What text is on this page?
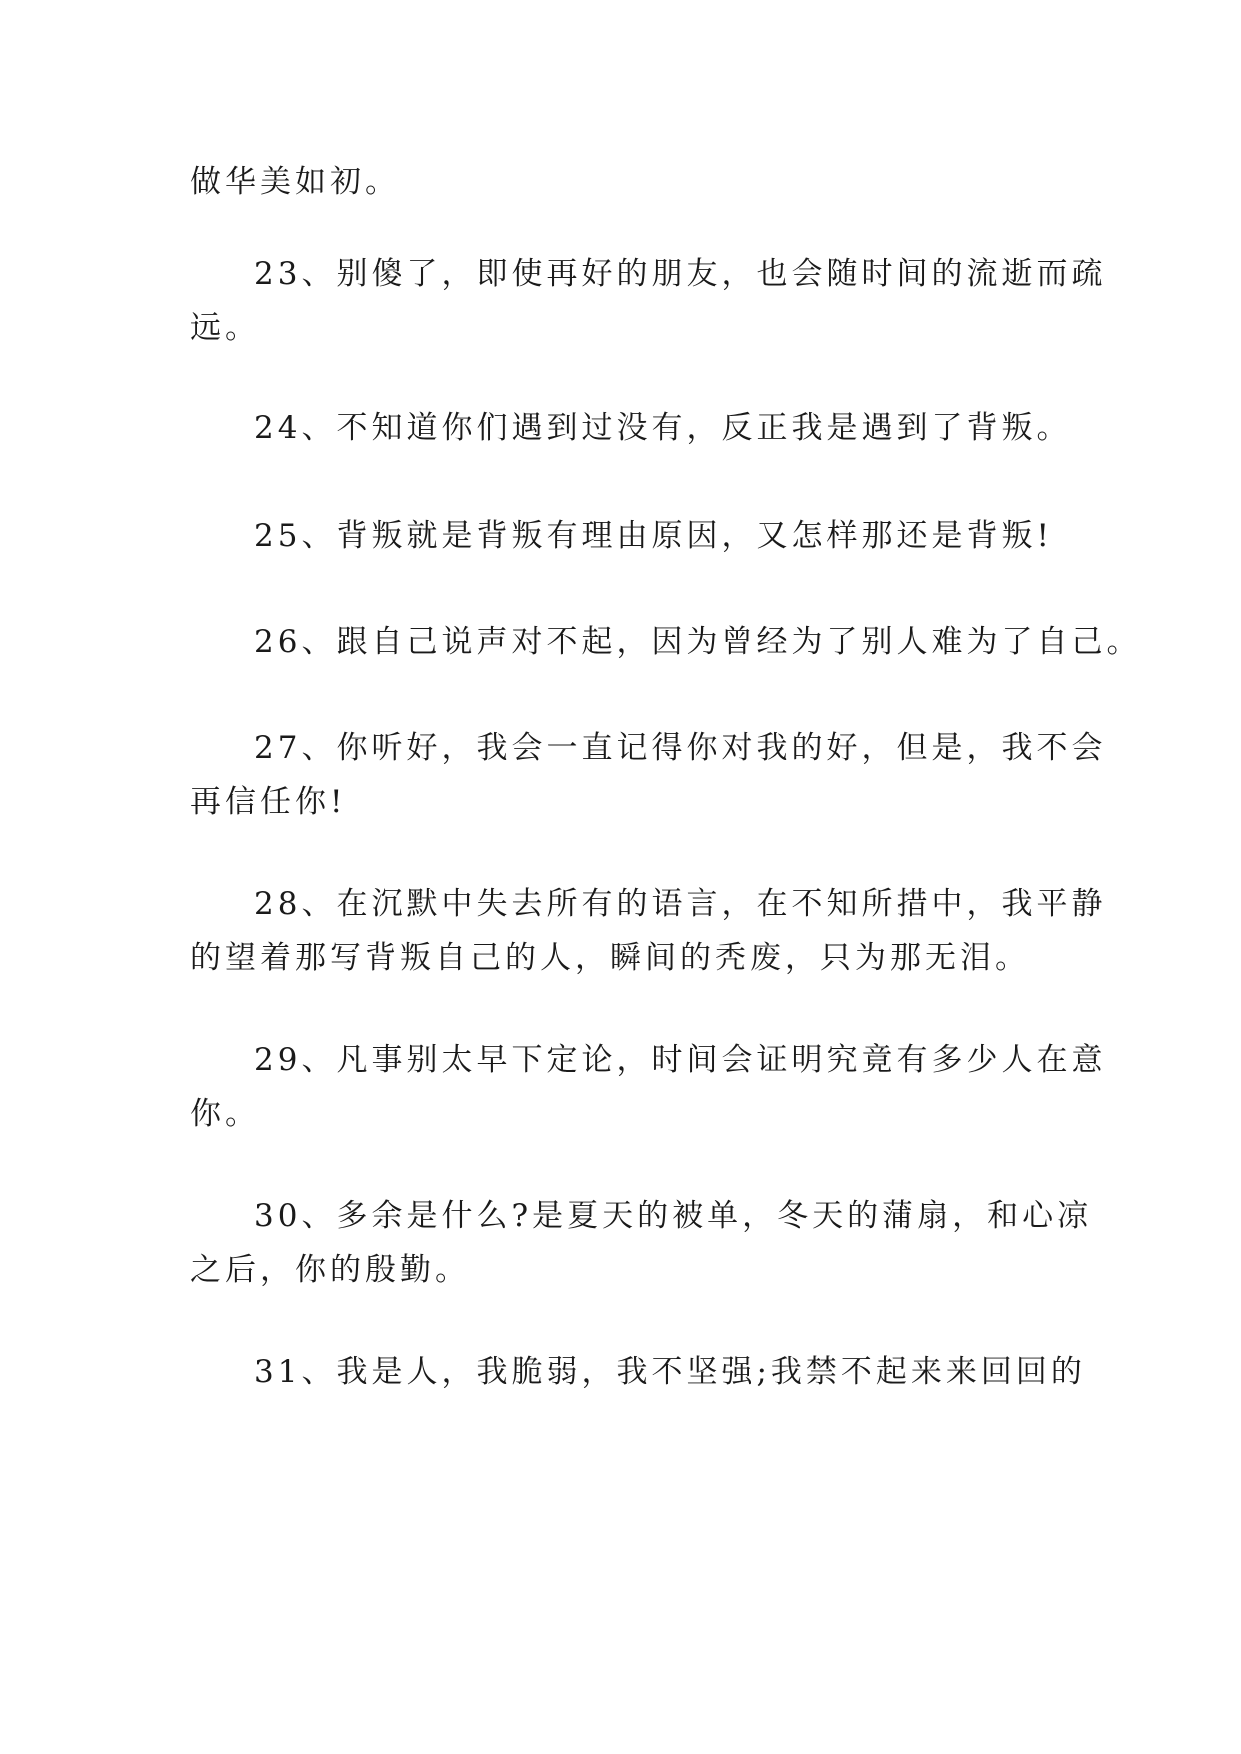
做华美如初。
23、别傻了，即使再好的朋友，也会随时间的流逝而疏
远。
24、不知道你们遇到过没有，反正我是遇到了背叛。
25、背叛就是背叛有理由原因，又怎样那还是背叛!
26、跟自己说声对不起，因为曾经为了别人难为了自己。
27、你听好，我会一直记得你对我的好，但是，我不会
再信任你!
28、在沉默中失去所有的语言，在不知所措中，我平静
的望着那写背叛自己的人，瞬间的秃废，只为那无泪。
29、凡事别太早下定论，时间会证明究竟有多少人在意
你。
30、多余是什么?是夏天的被单，冬天的蒲扇，和心凉
之后，你的殷勤。
31、我是人，我脆弱，我不坚强;我禁不起来来回回的
